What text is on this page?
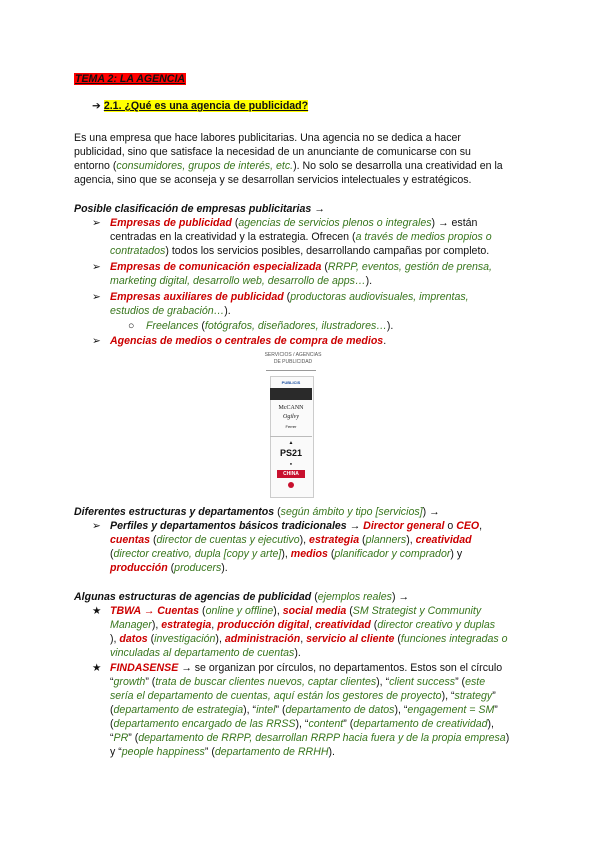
TEMA 2: LA AGENCIA
➔ 2.1. ¿Qué es una agencia de publicidad?
Es una empresa que hace labores publicitarias. Una agencia no se dedica a hacer
publicidad, sino que satisface la necesidad de un anunciante de comunicarse con su
entorno (consumidores, grupos de interés, etc.). No solo se desarrolla una creatividad en la
agencia, sino que se aconseja y se desarrollan servicios intelectuales y estratégicos.
Posible clasificación de empresas publicitarias →
➢ Empresas de publicidad (agencias de servicios plenos o integrales) → están
centradas en la creatividad y la estrategia. Ofrecen (a través de medios propios o
contratados) todos los servicios posibles, desarrollando campañas por completo.
➢ Empresas de comunicación especializada (RRPP, eventos, gestión de prensa,
marketing digital, desarrollo web, desarrollo de apps…).
➢ Empresas auxiliares de publicidad (productoras audiovisuales, imprentas,
estudios de grabación…).
○ Freelances (fotógrafos, diseñadores, ilustradores…).
➢ Agencias de medios o centrales de compra de medios.
SERVICIOS / AGENCIAS
DE PUBLICIDAD
PUBLICIS
McCANN
Ogilvy
Ferrer
▲
PS21
●
CHINA
Diferentes estructuras y departamentos (según ámbito y tipo [servicios]) →
➢ Perfiles y departamentos básicos tradicionales → Director general o CEO,
cuentas (director de cuentas y ejecutivo), estrategia (planners), creatividad
(director creativo, dupla [copy y arte]), medios (planificador y comprador) y
producción (producers).
Algunas estructuras de agencias de publicidad (ejemplos reales) →
★ TBWA → Cuentas (online y offline), social media (SM Strategist y Community
Manager), estrategia, producción digital, creatividad (director creativo y duplas
), datos (investigación), administración, servicio al cliente (funciones integradas o
vinculadas al departamento de cuentas).
★ FINDASENSE → se organizan por círculos, no departamentos. Estos son el círculo
“growth” (trata de buscar clientes nuevos, captar clientes), “client success” (este
sería el departamento de cuentas, aquí están los gestores de proyecto), “strategy”
(departamento de estrategia), “intel” (departamento de datos), “engagement = SM”
(departamento encargado de las RRSS), “content” (departamento de creatividad),
“PR” (departamento de RRPP, desarrollan RRPP hacia fuera y de la propia empresa)
y “people happiness” (departamento de RRHH).
